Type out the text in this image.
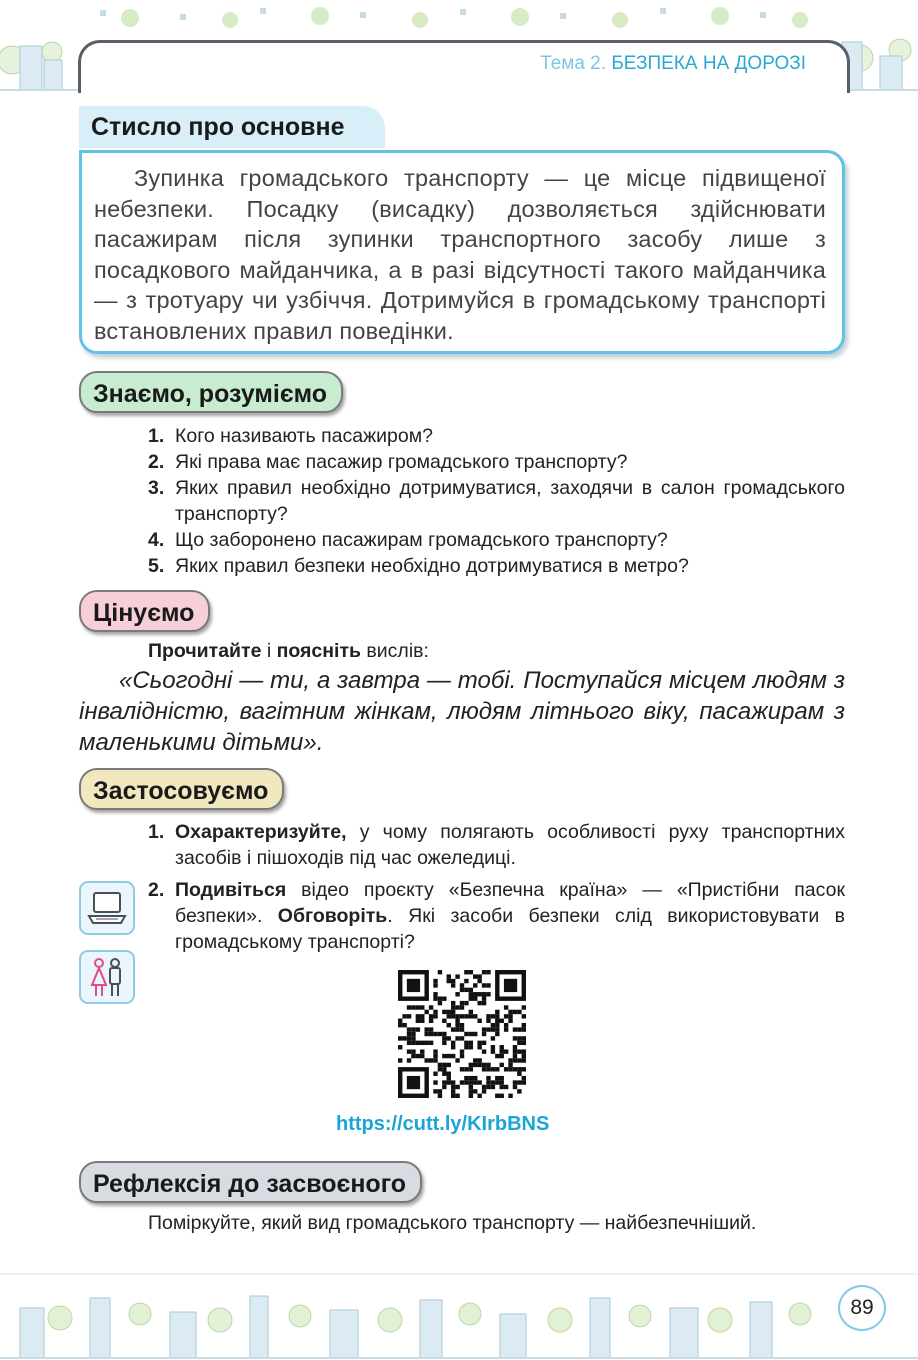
Тема 2. БЕЗПЕКА НА ДОРОЗІ
Стисло про основне

Зупинка громадського транспорту — це місце підвищеної небезпеки. Посадку (висадку) дозволяється здійснювати пасажирам після зупинки транспортного засобу лише з посадкового майданчика, а в разі відсутності такого майданчика — з тротуару чи узбіччя. Дотримуйся в громадському транспорті встановлених правил поведінки.

Знаємо, розуміємо
1. Кого називають пасажиром?
2. Які права має пасажир громадського транспорту?
3. Яких правил необхідно дотримуватися, заходячи в салон громадського транспорту?
4. Що заборонено пасажирам громадського транспорту?
5. Яких правил безпеки необхідно дотримуватися в метро?
Цінуємо
Прочитайте і поясніть вислів:

«Сьогодні — ти, а завтра — тобі. Поступайся місцем людям з інвалідністю, вагітним жінкам, людям літнього віку, пасажирам з маленькими дітьми».

Застосовуємо
1. Охарактеризуйте, у чому полягають особливості руху транспортних засобів і пішоходів під час ожеледиці.
2. Подивіться відео проєкту «Безпечна країна» — «Пристібни пасок безпеки». Обговоріть. Які засоби безпеки слід використовувати в громадському транспорті?
https://cutt.ly/KIrbBNS
Рефлексія до засвоєного
Поміркуйте, який вид громадського транспорту — найбезпечніший.
89
